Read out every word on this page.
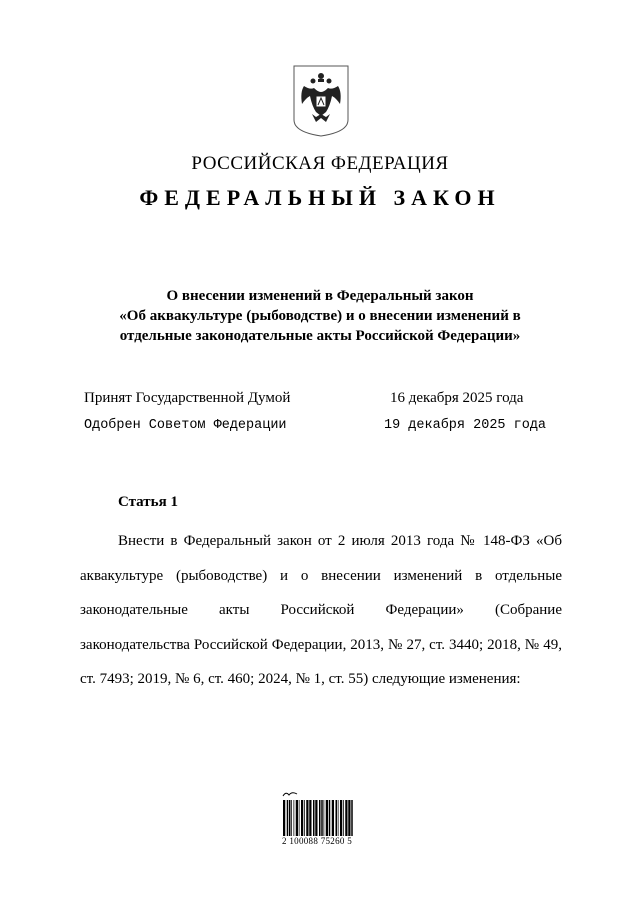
РОССИЙСКАЯ ФЕДЕРАЦИЯ
ФЕДЕРАЛЬНЫЙ ЗАКОН
О внесении изменений в Федеральный закон
«Об аквакультуре (рыбоводстве) и о внесении изменений в
отдельные законодательные акты Российской Федерации»
Принят Государственной Думой	16 декабря 2025 года
Одобрен Советом Федерации	19 декабря 2025 года
Статья 1
Внести в Федеральный закон от 2 июля 2013 года № 148-ФЗ «Об аквакультуре (рыбоводстве) и о внесении изменений в отдельные законодательные акты Российской Федерации» (Собрание законодательства Российской Федерации, 2013, № 27, ст. 3440; 2018, № 49, ст. 7493; 2019, № 6, ст. 460; 2024, № 1, ст. 55) следующие изменения:
2 100088 75260 5
